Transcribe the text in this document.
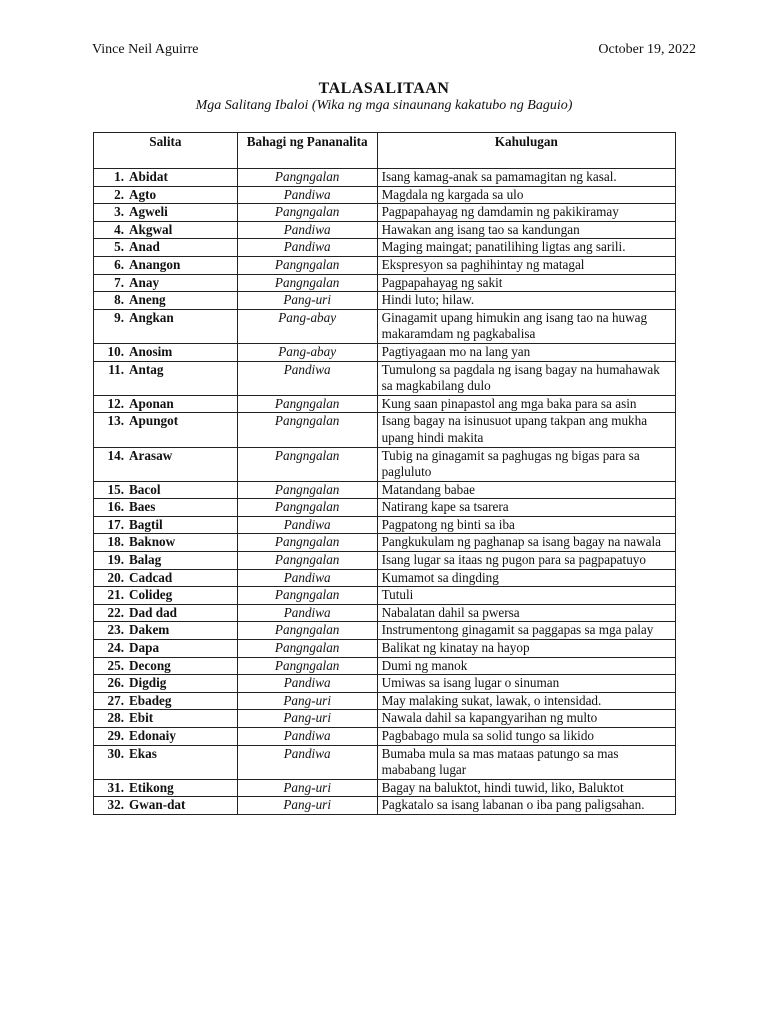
Vince Neil Aguirre	October 19, 2022
TALASALITAAN
Mga Salitang Ibaloi (Wika ng mga sinaunang kakatubo ng Baguio)
Salita	Bahagi ng Pananalita	Kahulugan
1. Abidat	Pangngalan	Isang kamag-anak sa pamamagitan ng kasal.
2. Agto	Pandiwa	Magdala ng kargada sa ulo
3. Agweli	Pangngalan	Pagpapahayag ng damdamin ng pakikiramay
4. Akgwal	Pandiwa	Hawakan ang isang tao sa kandungan
5. Anad	Pandiwa	Maging maingat; panatilihing ligtas ang sarili.
6. Anangon	Pangngalan	Ekspresyon sa paghihintay ng matagal
7. Anay	Pangngalan	Pagpapahayag ng sakit
8. Aneng	Pang-uri	Hindi luto; hilaw.
9. Angkan	Pang-abay	Ginagamit upang himukin ang isang tao na huwag makaramdam ng pagkabalisa
10. Anosim	Pang-abay	Pagtiyagaan mo na lang yan
11. Antag	Pandiwa	Tumulong sa pagdala ng isang bagay na humahawak sa magkabilang dulo
12. Aponan	Pangngalan	Kung saan pinapastol ang mga baka para sa asin
13. Apungot	Pangngalan	Isang bagay na isinusuot upang takpan ang mukha upang hindi makita
14. Arasaw	Pangngalan	Tubig na ginagamit sa paghugas ng bigas para sa pagluluto
15. Bacol	Pangngalan	Matandang babae
16. Baes	Pangngalan	Natirang kape sa tsarera
17. Bagtil	Pandiwa	Pagpatong ng binti sa iba
18. Baknow	Pangngalan	Pangkukulam ng paghanap sa isang bagay na nawala
19. Balag	Pangngalan	Isang lugar sa itaas ng pugon para sa pagpapatuyo
20. Cadcad	Pandiwa	Kumamot sa dingding
21. Colideg	Pangngalan	Tutuli
22. Dad dad	Pandiwa	Nabalatan dahil sa pwersa
23. Dakem	Pangngalan	Instrumentong ginagamit sa paggapas sa mga palay
24. Dapa	Pangngalan	Balikat ng kinatay na hayop
25. Decong	Pangngalan	Dumi ng manok
26. Digdig	Pandiwa	Umiwas sa isang lugar o sinuman
27. Ebadeg	Pang-uri	May malaking sukat, lawak, o intensidad.
28. Ebit	Pang-uri	Nawala dahil sa kapangyarihan ng multo
29. Edonaiy	Pandiwa	Pagbabago mula sa solid tungo sa likido
30. Ekas	Pandiwa	Bumaba mula sa mas mataas patungo sa mas mababang lugar
31. Etikong	Pang-uri	Bagay na baluktot, hindi tuwid, liko, Baluktot
32. Gwan-dat	Pang-uri	Pagkatalo sa isang labanan o iba pang paligsahan.
